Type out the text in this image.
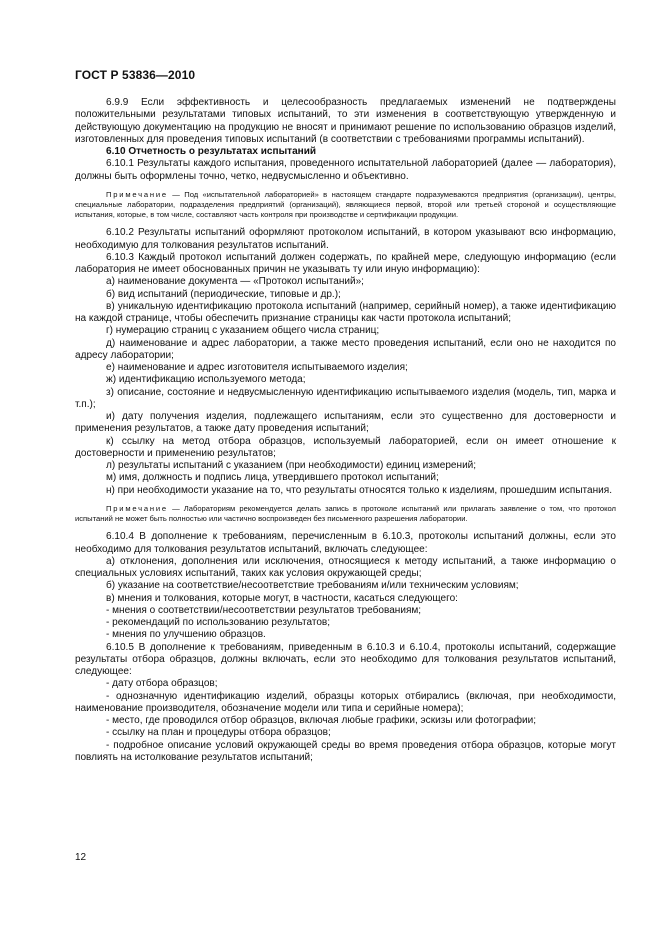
ГОСТ Р 53836—2010

6.9.9 Если эффективность и целесообразность предлагаемых изменений не подтверждены положительными результатами типовых испытаний, то эти изменения в соответствующую утвержденную и действующую документацию на продукцию не вносят и принимают решение по использованию образцов изделий, изготовленных для проведения типовых испытаний (в соответствии с требованиями программы испытаний).

6.10 Отчетность о результатах испытаний

6.10.1 Результаты каждого испытания, проведенного испытательной лабораторией (далее — лаборатория), должны быть оформлены точно, четко, недвусмысленно и объективно.

Примечание — Под «испытательной лабораторией» в настоящем стандарте подразумеваются предприятия (организации), центры, специальные лаборатории, подразделения предприятий (организаций), являющиеся первой, второй или третьей стороной и осуществляющие испытания, которые, в том числе, составляют часть контроля при производстве и сертификации продукции.

6.10.2 Результаты испытаний оформляют протоколом испытаний, в котором указывают всю информацию, необходимую для толкования результатов испытаний.

6.10.3 Каждый протокол испытаний должен содержать, по крайней мере, следующую информацию (если лаборатория не имеет обоснованных причин не указывать ту или иную информацию):

а) наименование документа — «Протокол испытаний»;

б) вид испытаний (периодические, типовые и др.);

в) уникальную идентификацию протокола испытаний (например, серийный номер), а также идентификацию на каждой странице, чтобы обеспечить признание страницы как части протокола испытаний;

г) нумерацию страниц с указанием общего числа страниц;

д) наименование и адрес лаборатории, а также место проведения испытаний, если оно не находится по адресу лаборатории;

е) наименование и адрес изготовителя испытываемого изделия;

ж) идентификацию используемого метода;

з) описание, состояние и недвусмысленную идентификацию испытываемого изделия (модель, тип, марка и т.п.);

и) дату получения изделия, подлежащего испытаниям, если это существенно для достоверности и применения результатов, а также дату проведения испытаний;

к) ссылку на метод отбора образцов, используемый лабораторией, если он имеет отношение к достоверности и применению результатов;

л) результаты испытаний с указанием (при необходимости) единиц измерений;

м) имя, должность и подпись лица, утвердившего протокол испытаний;

н) при необходимости указание на то, что результаты относятся только к изделиям, прошедшим испытания.

Примечание — Лабораториям рекомендуется делать запись в протоколе испытаний или прилагать заявление о том, что протокол испытаний не может быть полностью или частично воспроизведен без письменного разрешения лаборатории.

6.10.4 В дополнение к требованиям, перечисленным в 6.10.3, протоколы испытаний должны, если это необходимо для толкования результатов испытаний, включать следующее:

а) отклонения, дополнения или исключения, относящиеся к методу испытаний, а также информацию о специальных условиях испытаний, таких как условия окружающей среды;

б) указание на соответствие/несоответствие требованиям и/или техническим условиям;

в) мнения и толкования, которые могут, в частности, касаться следующего:

- мнения о соответствии/несоответствии результатов требованиям;

- рекомендаций по использованию результатов;

- мнения по улучшению образцов.

6.10.5 В дополнение к требованиям, приведенным в 6.10.3 и 6.10.4, протоколы испытаний, содержащие результаты отбора образцов, должны включать, если это необходимо для толкования результатов испытаний, следующее:

- дату отбора образцов;

- однозначную идентификацию изделий, образцы которых отбирались (включая, при необходимости, наименование производителя, обозначение модели или типа и серийные номера);

- место, где проводился отбор образцов, включая любые графики, эскизы или фотографии;

- ссылку на план и процедуры отбора образцов;

- подробное описание условий окружающей среды во время проведения отбора образцов, которые могут повлиять на истолкование результатов испытаний;

12
